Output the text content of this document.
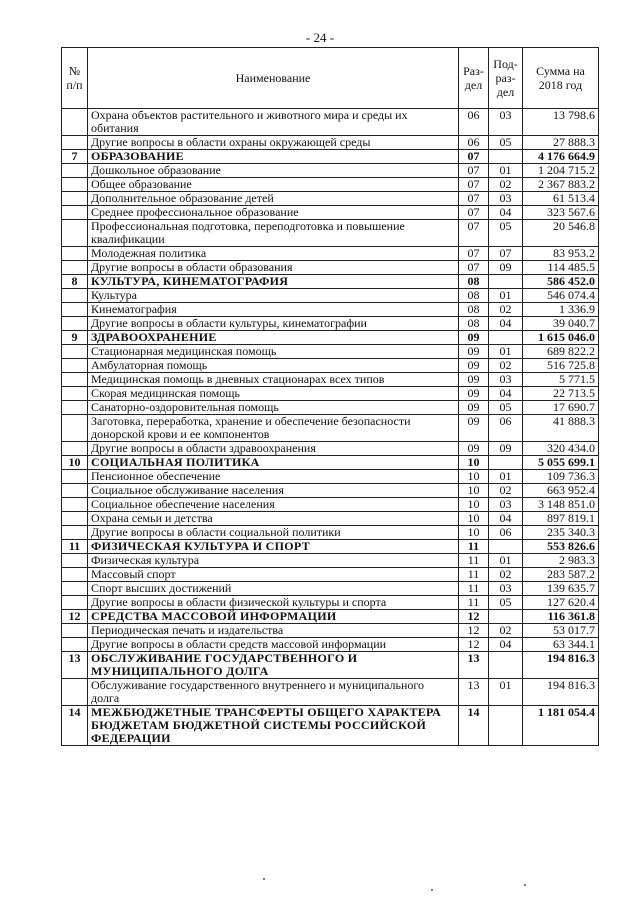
- 24 -
№ п/п	Наименование	Раз- дел	Под- раз- дел	Сумма на 2018 год
	Охрана объектов растительного и животного мира и среды их обитания	06	03	13 798.6
	Другие вопросы в области охраны окружающей среды	06	05	27 888.3
7	ОБРАЗОВАНИЕ	07		4 176 664.9
	Дошкольное образование	07	01	1 204 715.2
	Общее образование	07	02	2 367 883.2
	Дополнительное образование детей	07	03	61 513.4
	Среднее профессиональное образование	07	04	323 567.6
	Профессиональная подготовка, переподготовка и повышение квалификации	07	05	20 546.8
	Молодежная политика	07	07	83 953.2
	Другие вопросы в области образования	07	09	114 485.5
8	КУЛЬТУРА, КИНЕМАТОГРАФИЯ	08		586 452.0
	Культура	08	01	546 074.4
	Кинематография	08	02	1 336.9
	Другие вопросы в области культуры, кинематографии	08	04	39 040.7
9	ЗДРАВООХРАНЕНИЕ	09		1 615 046.0
	Стационарная медицинская помощь	09	01	689 822.2
	Амбулаторная помощь	09	02	516 725.8
	Медицинская помощь в дневных стационарах всех типов	09	03	5 771.5
	Скорая медицинская помощь	09	04	22 713.5
	Санаторно-оздоровительная помощь	09	05	17 690.7
	Заготовка, переработка, хранение и обеспечение безопасности донорской крови и ее компонентов	09	06	41 888.3
	Другие вопросы в области здравоохранения	09	09	320 434.0
10	СОЦИАЛЬНАЯ ПОЛИТИКА	10		5 055 699.1
	Пенсионное обеспечение	10	01	109 736.3
	Социальное обслуживание населения	10	02	663 952.4
	Социальное обеспечение населения	10	03	3 148 851.0
	Охрана семьи и детства	10	04	897 819.1
	Другие вопросы в области социальной политики	10	06	235 340.3
11	ФИЗИЧЕСКАЯ КУЛЬТУРА И СПОРТ	11		553 826.6
	Физическая культура	11	01	2 983.3
	Массовый спорт	11	02	283 587.2
	Спорт высших достижений	11	03	139 635.7
	Другие вопросы в области физической культуры и спорта	11	05	127 620.4
12	СРЕДСТВА МАССОВОЙ ИНФОРМАЦИИ	12		116 361.8
	Периодическая печать и издательства	12	02	53 017.7
	Другие вопросы в области средств массовой информации	12	04	63 344.1
13	ОБСЛУЖИВАНИЕ ГОСУДАРСТВЕННОГО И МУНИЦИПАЛЬНОГО ДОЛГА	13		194 816.3
	Обслуживание государственного внутреннего и муниципального долга	13	01	194 816.3
14	МЕЖБЮДЖЕТНЫЕ ТРАНСФЕРТЫ ОБЩЕГО ХАРАКТЕРА БЮДЖЕТАМ БЮДЖЕТНОЙ СИСТЕМЫ РОССИЙСКОЙ ФЕДЕРАЦИИ	14		1 181 054.4
